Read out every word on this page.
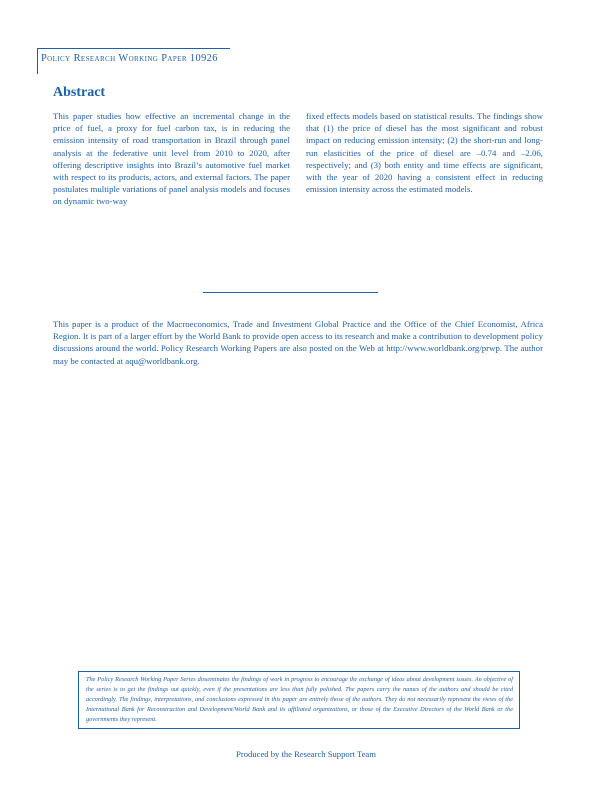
Policy Research Working Paper 10926
Abstract
This paper studies how effective an incremental change in the price of fuel, a proxy for fuel carbon tax, is in reducing the emission intensity of road transportation in Brazil through panel analysis at the federative unit level from 2010 to 2020, after offering descriptive insights into Brazil’s automotive fuel market with respect to its products, actors, and external factors. The paper postulates multiple variations of panel analysis models and focuses on dynamic two-way
fixed effects models based on statistical results. The findings show that (1) the price of diesel has the most significant and robust impact on reducing emission intensity; (2) the short-run and long-run elasticities of the price of diesel are –0.74 and –2.06, respectively; and (3) both entity and time effects are significant, with the year of 2020 having a consistent effect in reducing emission intensity across the estimated models.
This paper is a product of the Macroeconomics, Trade and Investment Global Practice and the Office of the Chief Economist, Africa Region. It is part of a larger effort by the World Bank to provide open access to its research and make a contribution to development policy discussions around the world. Policy Research Working Papers are also posted on the Web at http://www.worldbank.org/prwp. The author may be contacted at aqu@worldbank.org.
The Policy Research Working Paper Series disseminates the findings of work in progress to encourage the exchange of ideas about development issues. An objective of the series is to get the findings out quickly, even if the presentations are less than fully polished. The papers carry the names of the authors and should be cited accordingly. The findings, interpretations, and conclusions expressed in this paper are entirely those of the authors. They do not necessarily represent the views of the International Bank for Reconstruction and Development/World Bank and its affiliated organizations, or those of the Executive Directors of the World Bank or the governments they represent.
Produced by the Research Support Team
